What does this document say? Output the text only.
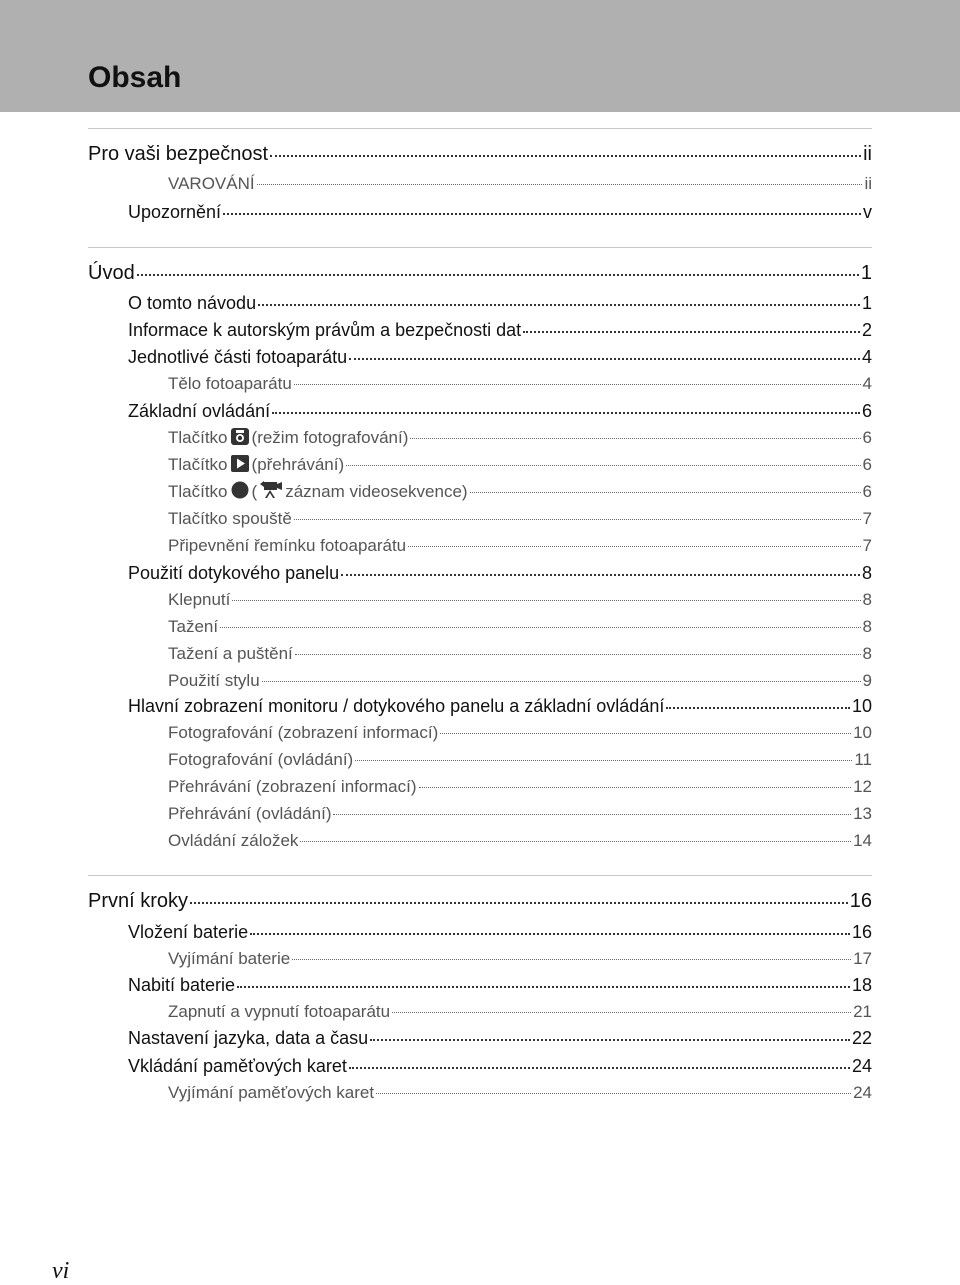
Obsah
Pro vaši bezpečnost	ii
VAROVÁNÍ	ii
Upozornění	v
Úvod	1
O tomto návodu	1
Informace k autorským právům a bezpečnosti dat	2
Jednotlivé části fotoaparátu	4
Tělo fotoaparátu	4
Základní ovládání	6
Tlačítko (režim fotografování)	6
Tlačítko (přehrávání)	6
Tlačítko ( záznam videosekvence)	6
Tlačítko spouště	7
Připevnění řemínku fotoaparátu	7
Použití dotykového panelu	8
Klepnutí	8
Tažení	8
Tažení a puštění	8
Použití stylu	9
Hlavní zobrazení monitoru / dotykového panelu a základní ovládání	10
Fotografování (zobrazení informací)	10
Fotografování (ovládání)	11
Přehrávání (zobrazení informací)	12
Přehrávání (ovládání)	13
Ovládání záložek	14
První kroky	16
Vložení baterie	16
Vyjímání baterie	17
Nabití baterie	18
Zapnutí a vypnutí fotoaparátu	21
Nastavení jazyka, data a času	22
Vkládání paměťových karet	24
Vyjímání paměťových karet	24
vi
